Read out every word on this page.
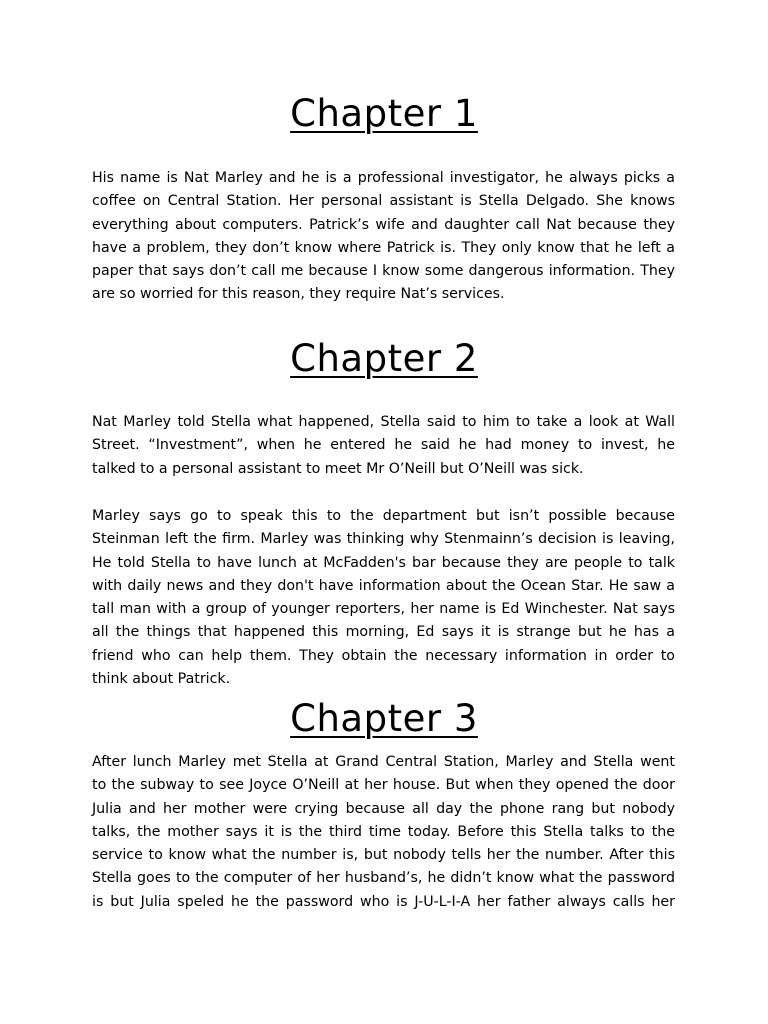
Chapter 1

His name is Nat Marley and he is a professional investigator, he always picks a
coffee on Central Station. Her personal assistant is Stella Delgado. She knows
everything about computers. Patrick’s wife and daughter call Nat because they
have a problem, they don’t know where Patrick is. They only know that he left a
paper that says don’t call me because I know some dangerous information. They
are so worried for this reason, they require Nat’s services.

Chapter 2

Nat Marley told Stella what happened, Stella said to him to take a look at Wall
Street. “Investment”, when he entered he said he had money to invest, he
talked to a personal assistant to meet Mr O’Neill but O’Neill was sick.

Marley says go to speak this to the department but isn’t possible because
Steinman left the firm. Marley was thinking why Stenmainn’s decision is leaving,
He told Stella to have lunch at McFadden's bar because they are people to talk
with daily news and they don't have information about the Ocean Star. He saw a
tall man with a group of younger reporters, her name is Ed Winchester. Nat says
all the things that happened this morning, Ed says it is strange but he has a
friend who can help them. They obtain the necessary information in order to
think about Patrick.

Chapter 3

After lunch Marley met Stella at Grand Central Station, Marley and Stella went
to the subway to see Joyce O’Neill at her house. But when they opened the door
Julia and her mother were crying because all day the phone rang but nobody
talks, the mother says it is the third time today. Before this Stella talks to the
service to know what the number is, but nobody tells her the number. After this
Stella goes to the computer of her husband’s, he didn’t know what the password
is but Julia speled he the password who is J-U-L-I-A her father always calls her
